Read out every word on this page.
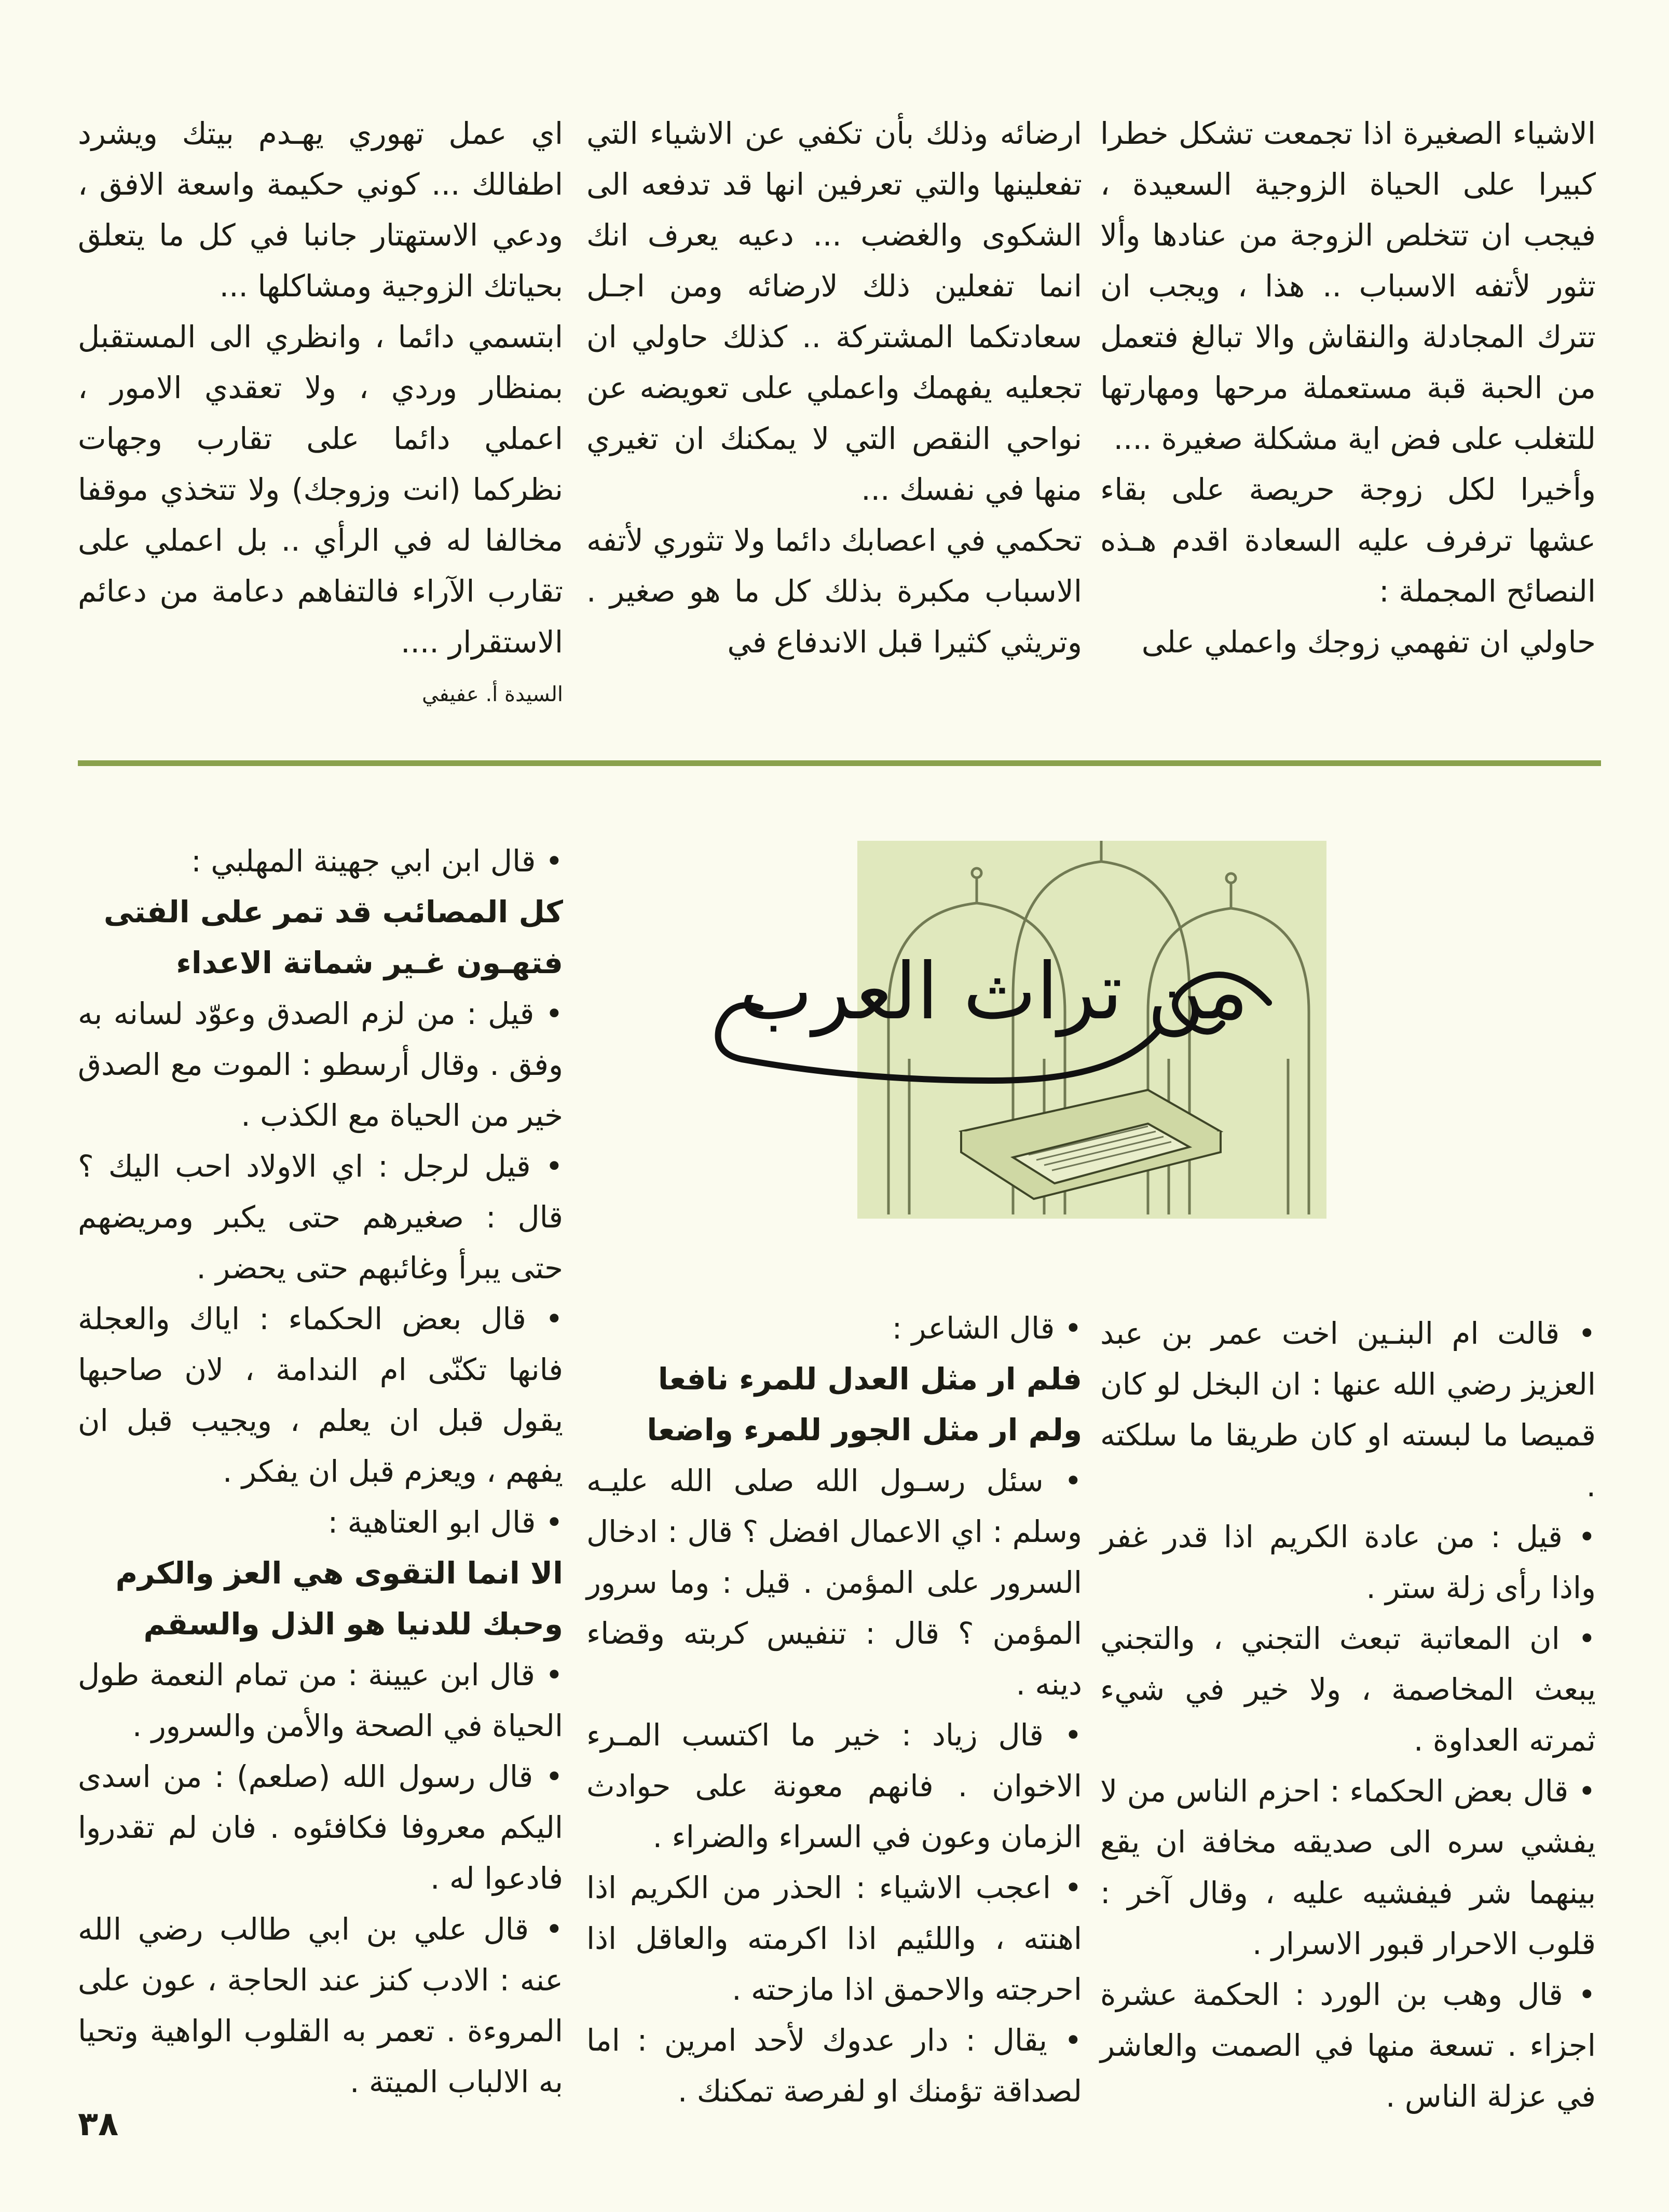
الاشياء الصغيرة اذا تجمعت تشكل خطرا كبيرا على الحياة الزوجية السعيدة ، فيجب ان تتخلص الزوجة من عنادها وألا تثور لأتفه الاسباب .. هذا ، ويجب ان تترك المجادلة والنقاش والا تبالغ فتعمل من الحبة قبة مستعملة مرحها ومهارتها للتغلب على فض اية مشكلة صغيرة ....

وأخيرا لكل زوجة حريصة على بقاء عشها ترفرف عليه السعادة اقدم هـذه النصائح المجملة :

حاولي ان تفهمي زوجك واعملي على

ارضائه وذلك بأن تكفي عن الاشياء التي تفعلينها والتي تعرفين انها قد تدفعه الى الشكوى والغضب ... دعيه يعرف انك انما تفعلين ذلك لارضائه ومن اجـل سعادتكما المشتركة .. كذلك حاولي ان تجعليه يفهمك واعملي على تعويضه عن نواحي النقص التي لا يمكنك ان تغيري منها في نفسك ...

تحكمي في اعصابك دائما ولا تثوري لأتفه الاسباب مكبرة بذلك كل ما هو صغير . وتريثي كثيرا قبل الاندفاع في

اي عمل تهوري يهـدم بيتك ويشرد اطفالك ... كوني حكيمة واسعة الافق ، ودعي الاستهتار جانبا في كل ما يتعلق بحياتك الزوجية ومشاكلها ...

ابتسمي دائما ، وانظري الى المستقبل بمنظار وردي ، ولا تعقدي الامور ، اعملي دائما على تقارب وجهات نظركما (انت وزوجك) ولا تتخذي موقفا مخالفا له في الرأي .. بل اعملي على تقارب الآراء فالتفاهم دعامة من دعائم الاستقرار ....

السيدة أ. عفيفي

من تراث العرب

• قالت ام البنـين اخت عمر بن عبد العزيز رضي الله عنها : ان البخل لو كان قميصا ما لبسته او كان طريقا ما سلكته .

• قيل : من عادة الكريم اذا قدر غفر واذا رأى زلة ستر .

• ان المعاتبة تبعث التجني ، والتجني يبعث المخاصمة ، ولا خير في شيء ثمرته العداوة .

• قال بعض الحكماء : احزم الناس من لا يفشي سره الى صديقه مخافة ان يقع بينهما شر فيفشيه عليه ، وقال آخر : قلوب الاحرار قبور الاسرار .

• قال وهب بن الورد : الحكمة عشرة اجزاء . تسعة منها في الصمت والعاشر في عزلة الناس .

• قال الشاعر :

فلم ار مثل العدل للمرء نافعا

ولم ار مثل الجور للمرء واضعا

• سئل رسـول الله صلى الله عليـه وسلم : اي الاعمال افضل ؟ قال : ادخال السرور على المؤمن . قيل : وما سرور المؤمن ؟ قال : تنفيس كربته وقضاء دينه .

• قال زياد : خير ما اكتسب المـرء الاخوان . فانهم معونة على حوادث الزمان وعون في السراء والضراء .

• اعجب الاشياء : الحذر من الكريم اذا اهنته ، واللئيم اذا اكرمته والعاقل اذا احرجته والاحمق اذا مازحته .

• يقال : دار عدوك لأحد امرين : اما لصداقة تؤمنك او لفرصة تمكنك .

• قال ابن ابي جهينة المهلبي :

كل المصائب قد تمر على الفتى

فتهـون غـير شماتة الاعداء

• قيل : من لزم الصدق وعوّد لسانه به وفق . وقال أرسطو : الموت مع الصدق خير من الحياة مع الكذب .

• قيل لرجل : اي الاولاد احب اليك ؟ قال : صغيرهم حتى يكبر ومريضهم حتى يبرأ وغائبهم حتى يحضر .

• قال بعض الحكماء : اياك والعجلة فانها تكنّى ام الندامة ، لان صاحبها يقول قبل ان يعلم ، ويجيب قبل ان يفهم ، ويعزم قبل ان يفكر .

• قال ابو العتاهية :

الا انما التقوى هي العز والكرم

وحبك للدنيا هو الذل والسقم

• قال ابن عيينة : من تمام النعمة طول الحياة في الصحة والأمن والسرور .

• قال رسول الله (صلعم) : من اسدى اليكم معروفا فكافئوه . فان لم تقدروا فادعوا له .

• قال علي بن ابي طالب رضي الله عنه : الادب كنز عند الحاجة ، عون على المروءة . تعمر به القلوب الواهية وتحيا به الالباب الميتة .

٣٨
